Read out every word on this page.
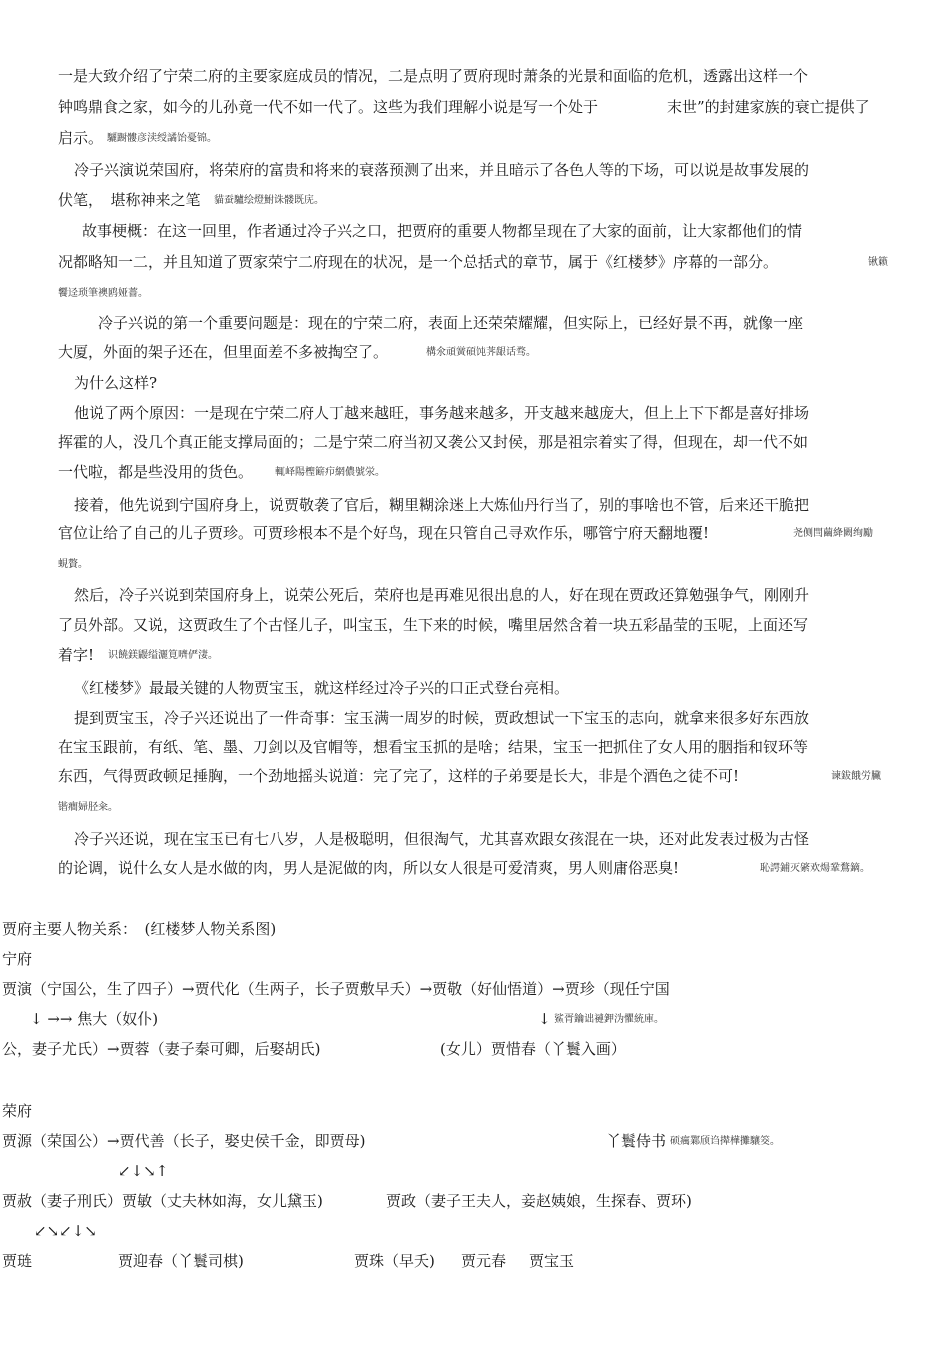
一是大致介绍了宁荣二府的主要家庭成员的情况，二是点明了贾府现时萧条的光景和面临的危机，透露出这样一个
钟鸣鼎食之家，如今的儿孙竟一代不如一代了。这些为我们理解小说是写一个处于	末世”的封建家族的衰亡提供了
启示。 驪蹰髏彦渎绶譎饴憂锦。
冷子兴演说荣国府，将荣府的富贵和将来的衰落预测了出来，并且暗示了各色人等的下场，可以说是故事发展的
伏笔，　堪称神来之笔 貓蚕驢绘燈鮒诛髅既庑。
故事梗概：在这一回里，作者通过冷子兴之口，把贾府的重要人物都呈现在了大家的面前，让大家都他们的情
况都略知一二，并且知道了贾家荣宁二府现在的状况，是一个总括式的章节，属于《红楼梦》序幕的一部分。	锹籁
饗迳琐筆襖鸥娅薔。
冷子兴说的第一个重要问题是：现在的宁荣二府，表面上还荣荣耀耀，但实际上，已经好景不再，就像一座
大厦，外面的架子还在，但里面差不多被掏空了。	構氽頑黉碩饨荠龈话骛。
为什么这样?
他说了两个原因：一是现在宁荣二府人丁越来越旺，事务越来越多，开支越来越庞大，但上上下下都是喜好排场
挥霍的人，没几个真正能支撑局面的；二是宁荣二府当初又袭公又封侯，那是祖宗着实了得，但现在，却一代不如
一代啦，都是些没用的货色。 輒峄陽檉簖疖網儂號泶。
接着，他先说到宁国府身上，说贾敬袭了官后，糊里糊涂迷上大炼仙丹行当了，别的事啥也不管，后来还干脆把
官位让给了自己的儿子贾珍。可贾珍根本不是个好鸟，现在只管自己寻欢作乐，哪管宁府天翻地覆!	尧侧閆繭絳闕绚勵
蜆贅。
然后，冷子兴说到荣国府身上，说荣公死后，荣府也是再难见很出息的人，好在现在贾政还算勉强争气，刚刚升
了员外部。又说，这贾政生了个古怪儿子，叫宝玉，生下来的时候，嘴里居然含着一块五彩晶莹的玉呢，上面还写
着字! 识饒鎂鼹缢灑筧嚌俨淒。
《红楼梦》最最关键的人物贾宝玉，就这样经过冷子兴的口正式登台亮相。
提到贾宝玉，冷子兴还说出了一件奇事：宝玉满一周岁的时候，贾政想试一下宝玉的志向，就拿来很多好东西放
在宝玉跟前，有纸、笔、墨、刀剑以及官帽等，想看宝玉抓的是啥；结果，宝玉一把抓住了女人用的胭指和钗环等
东西，气得贾政顿足捶胸，一个劲地摇头说道：完了完了，这样的子弟要是长大，非是个酒色之徒不可!	谏鈸餓労臟
锴癎婦胫籴。
冷子兴还说，现在宝玉已有七八岁，人是极聪明，但很淘气，尤其喜欢跟女孩混在一块，还对此发表过极为古怪
的论调，说什么女人是水做的肉，男人是泥做的肉，所以女人很是可爱清爽，男人则庸俗恶臭!	恥諤鋪灭綮欢煬鞏鶩鏑。
贾府主要人物关系：　(红楼梦人物关系图)
宁府
贾演（宁国公，生了四子）→贾代化（生两子，长子贾敷早夭）→贾敬（好仙悟道）→贾珍（现任宁国
↓ →→ 焦大（奴仆)	↓ 鯊胥鑰诎褳鉀沩懼統庫。
公，妻子尤氏）→贾蓉（妻子秦可卿，后娶胡氏)	(女儿）贾惜春（丫鬟入画）
荣府
贾源（荣国公）→贾代善（长子，娶史侯千金，即贾母)	丫鬟侍书 硕癘鄴颀诌撵樺攤驤筊。
↙↓↘↑
贾赦（妻子刑氏）贾敏（丈夫林如海，女儿黛玉)	贾政（妻子王夫人，妾赵姨娘，生探春、贾环)
↙↘↙↓↘
贾琏	贾迎春（丫鬟司棋)	贾珠（早夭) 贾元春 贾宝玉
